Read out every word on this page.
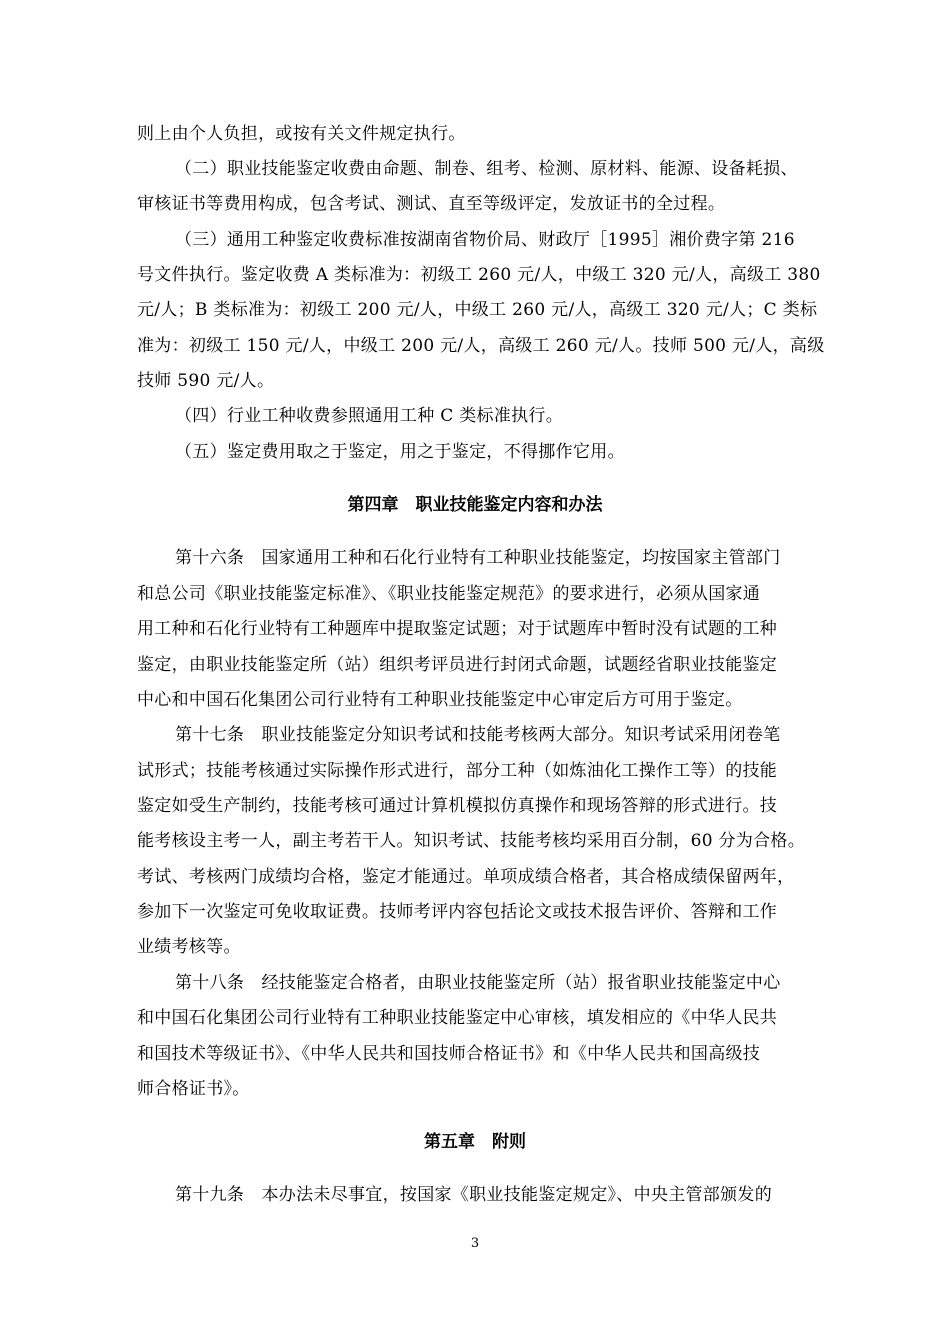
则上由个人负担，或按有关文件规定执行。
（二）职业技能鉴定收费由命题、制卷、组考、检测、原材料、能源、设备耗损、
审核证书等费用构成，包含考试、测试、直至等级评定，发放证书的全过程。
（三）通用工种鉴定收费标准按湖南省物价局、财政厅［1995］湘价费字第 216
号文件执行。鉴定收费 A 类标准为：初级工 260 元/人，中级工 320 元/人，高级工 380
元/人；B 类标准为：初级工 200 元/人，中级工 260 元/人，高级工 320 元/人；C 类标
准为：初级工 150 元/人，中级工 200 元/人，高级工 260 元/人。技师 500 元/人，高级
技师 590 元/人。
（四）行业工种收费参照通用工种 C 类标准执行。
（五）鉴定费用取之于鉴定，用之于鉴定，不得挪作它用。
第四章　职业技能鉴定内容和办法
第十六条　国家通用工种和石化行业特有工种职业技能鉴定，均按国家主管部门
和总公司《职业技能鉴定标准》、《职业技能鉴定规范》的要求进行，必须从国家通
用工种和石化行业特有工种题库中提取鉴定试题；对于试题库中暂时没有试题的工种
鉴定，由职业技能鉴定所（站）组织考评员进行封闭式命题，试题经省职业技能鉴定
中心和中国石化集团公司行业特有工种职业技能鉴定中心审定后方可用于鉴定。
第十七条　职业技能鉴定分知识考试和技能考核两大部分。知识考试采用闭卷笔
试形式；技能考核通过实际操作形式进行，部分工种（如炼油化工操作工等）的技能
鉴定如受生产制约，技能考核可通过计算机模拟仿真操作和现场答辩的形式进行。技
能考核设主考一人，副主考若干人。知识考试、技能考核均采用百分制，60 分为合格。
考试、考核两门成绩均合格，鉴定才能通过。单项成绩合格者，其合格成绩保留两年，
参加下一次鉴定可免收取证费。技师考评内容包括论文或技术报告评价、答辩和工作
业绩考核等。
第十八条　经技能鉴定合格者，由职业技能鉴定所（站）报省职业技能鉴定中心
和中国石化集团公司行业特有工种职业技能鉴定中心审核，填发相应的《中华人民共
和国技术等级证书》、《中华人民共和国技师合格证书》和《中华人民共和国高级技
师合格证书》。
第五章　附则
第十九条　本办法未尽事宜，按国家《职业技能鉴定规定》、中央主管部颁发的
3
